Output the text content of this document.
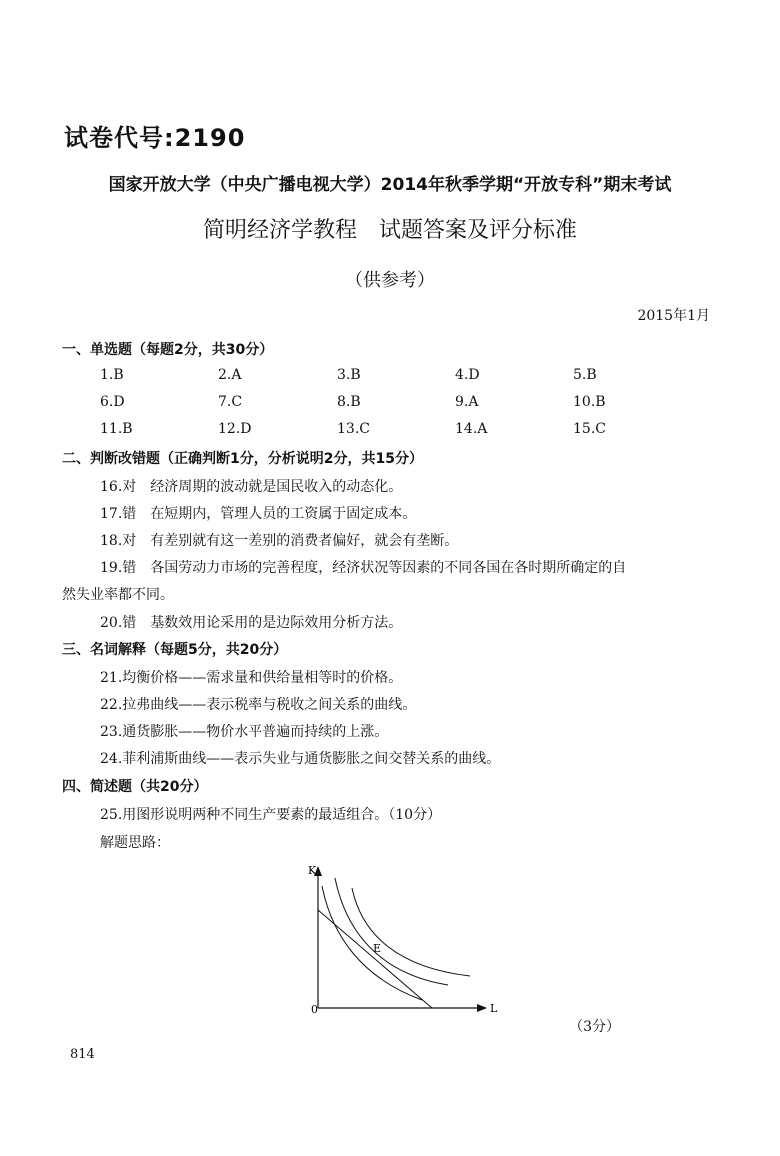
试卷代号:2190
国家开放大学（中央广播电视大学）2014年秋季学期“开放专科”期末考试
简明经济学教程　试题答案及评分标准
（供参考）
2015年1月
一、单选题（每题2分，共30分）
1.B	2.A	3.B	4.D	5.B
6.D	7.C	8.B	9.A	10.B
11.B	12.D	13.C	14.A	15.C
二、判断改错题（正确判断1分，分析说明2分，共15分）
16.对　经济周期的波动就是国民收入的动态化。
17.错　在短期内，管理人员的工资属于固定成本。
18.对　有差别就有这一差别的消费者偏好，就会有垄断。
19.错　各国劳动力市场的完善程度，经济状况等因素的不同各国在各时期所确定的自
然失业率都不同。
20.错　基数效用论采用的是边际效用分析方法。
三、名词解释（每题5分，共20分）
21.均衡价格——需求量和供给量相等时的价格。
22.拉弗曲线——表示税率与税收之间关系的曲线。
23.通货膨胀——物价水平普遍而持续的上涨。
24.菲利浦斯曲线——表示失业与通货膨胀之间交替关系的曲线。
四、简述题（共20分）
25.用图形说明两种不同生产要素的最适组合。（10分）
解题思路：
K
L
0
E
（3分）
814
